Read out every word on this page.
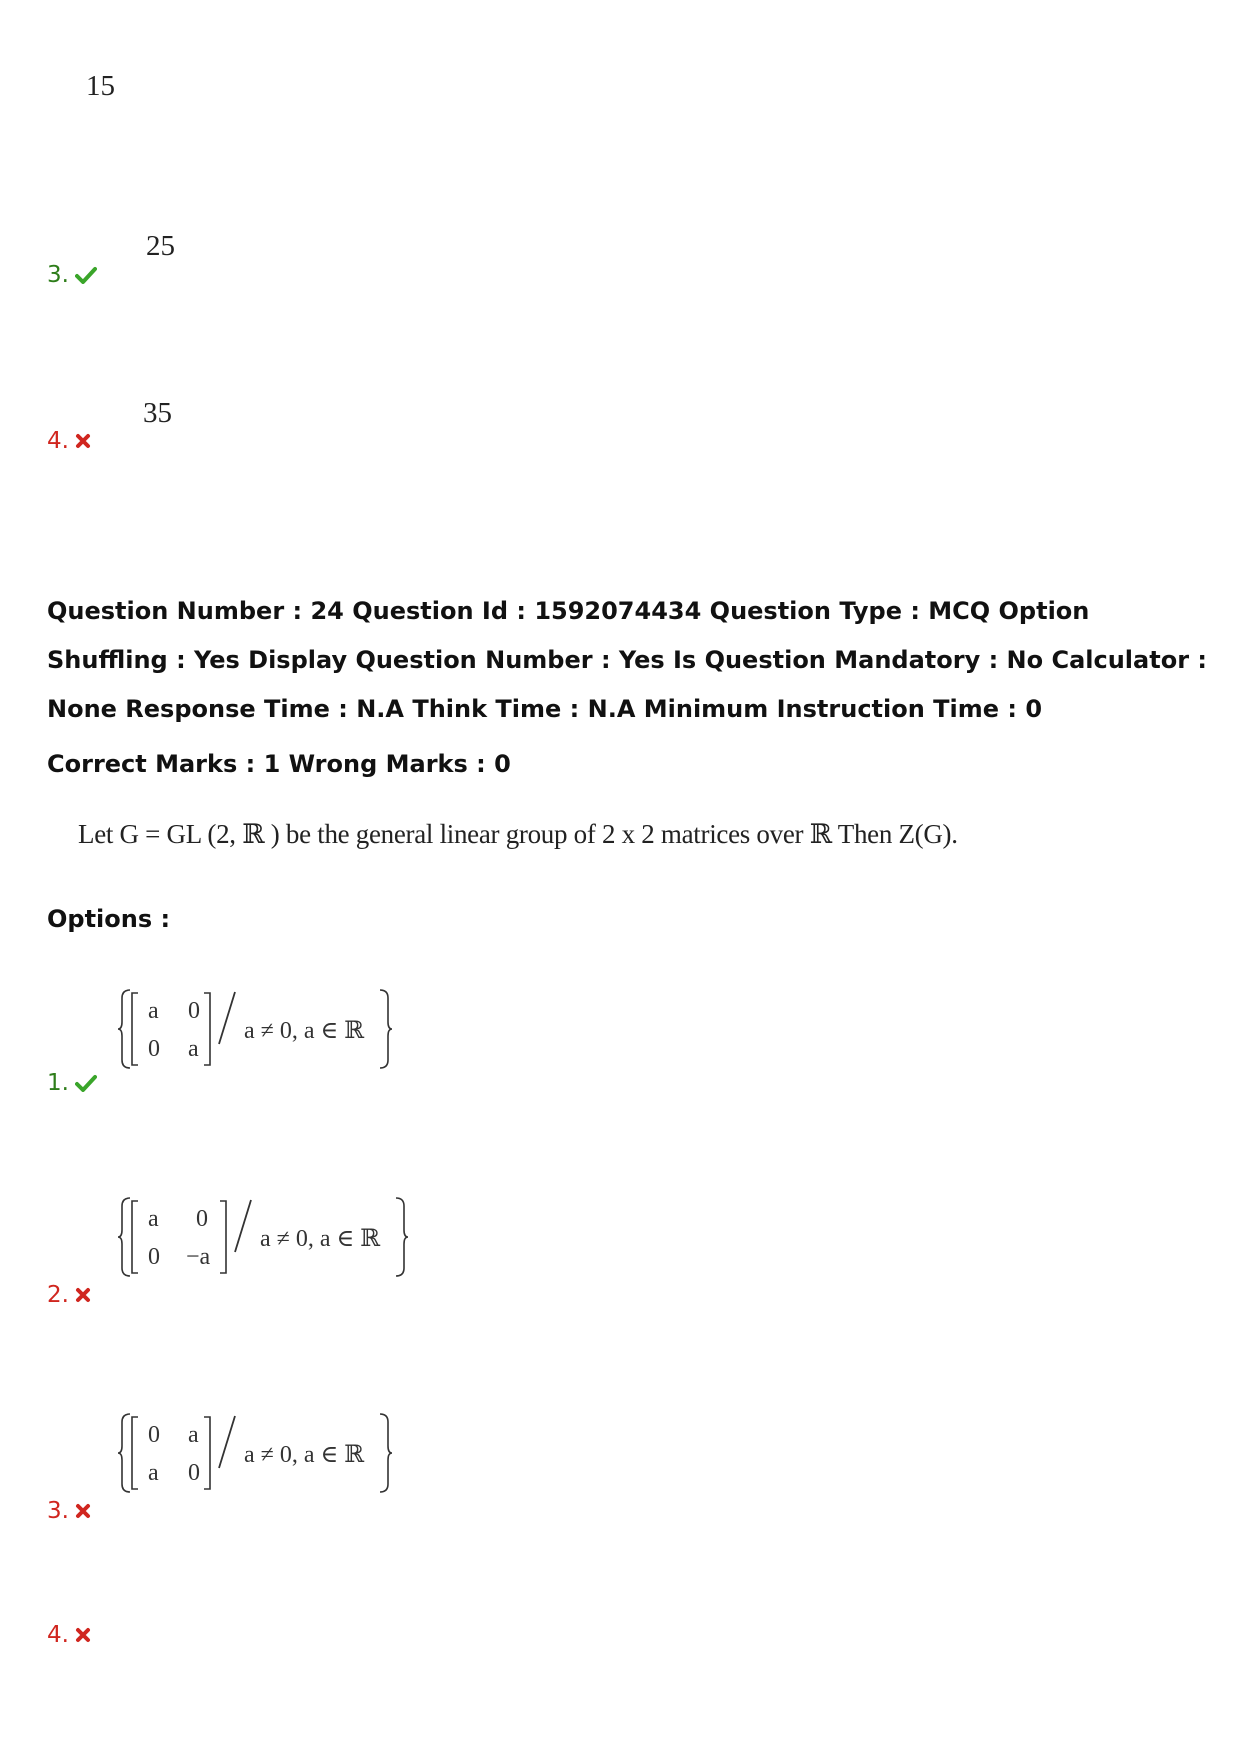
15
3.
25
4.
35
Question Number : 24 Question Id : 1592074434 Question Type : MCQ Option Shuffling : Yes Display Question Number : Yes Is Question Mandatory : No Calculator : None Response Time : N.A Think Time : N.A Minimum Instruction Time : 0
Correct Marks : 1 Wrong Marks : 0
Let G = GL (2, ℝ ) be the general linear group of 2 x 2 matrices over ℝ Then Z(G).
Options :
1.
a 0
0 a
a ≠ 0, a ∈ ℝ
2.
a 0
0 −a
a ≠ 0, a ∈ ℝ
3.
0 a
a 0
a ≠ 0, a ∈ ℝ
4.
